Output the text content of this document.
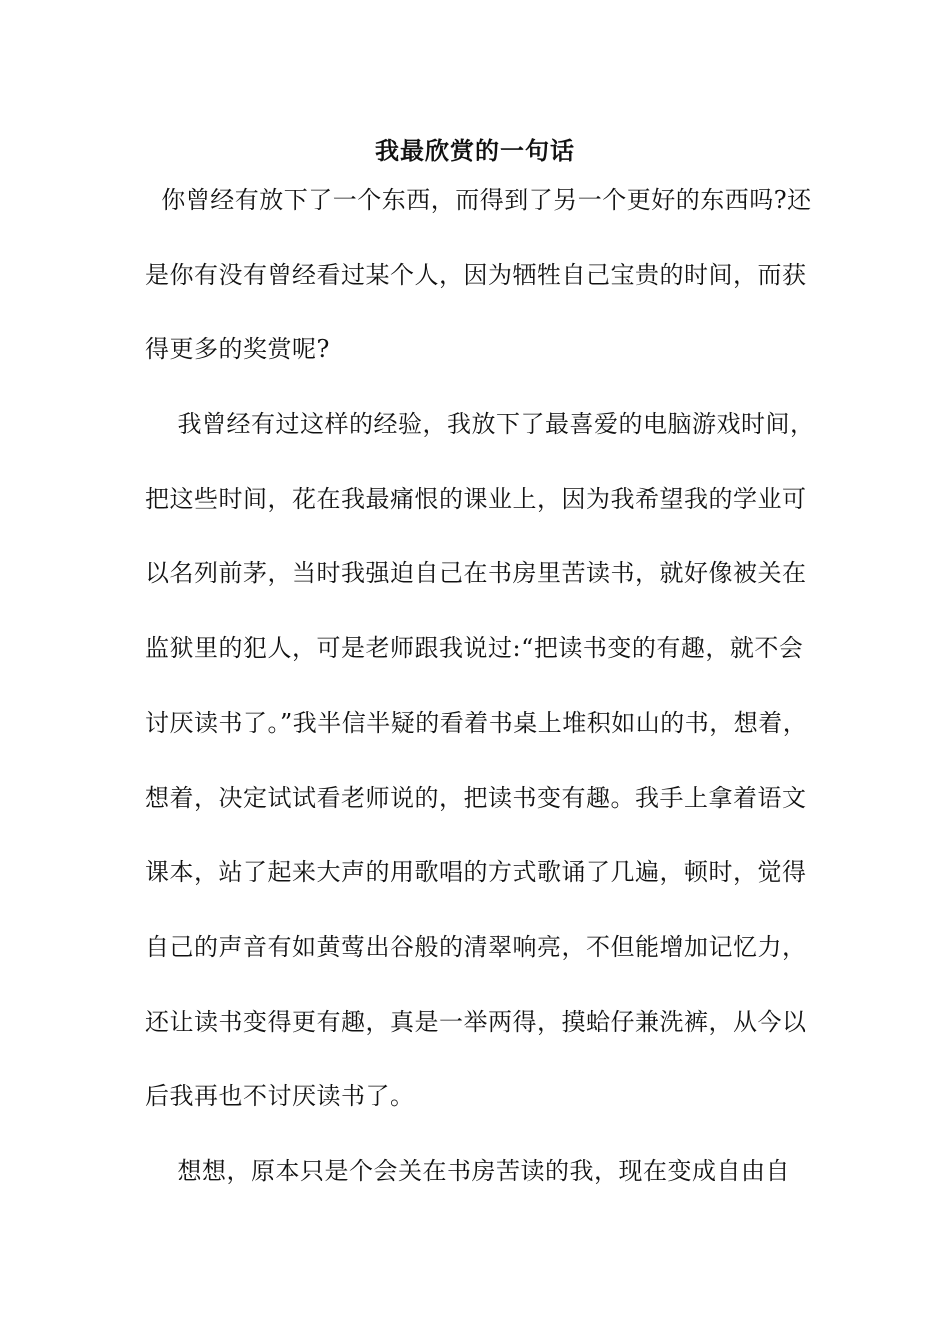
我最欣赏的一句话
你曾经有放下了一个东西，而得到了另一个更好的东西吗?还
是你有没有曾经看过某个人，因为牺牲自己宝贵的时间，而获
得更多的奖赏呢?
我曾经有过这样的经验，我放下了最喜爱的电脑游戏时间，
把这些时间，花在我最痛恨的课业上，因为我希望我的学业可
以名列前茅，当时我强迫自己在书房里苦读书，就好像被关在
监狱里的犯人，可是老师跟我说过:“把读书变的有趣，就不会
讨厌读书了。”我半信半疑的看着书桌上堆积如山的书，想着，
想着，决定试试看老师说的，把读书变有趣。我手上拿着语文
课本，站了起来大声的用歌唱的方式歌诵了几遍，顿时，觉得
自己的声音有如黄莺出谷般的清翠响亮，不但能增加记忆力，
还让读书变得更有趣，真是一举两得，摸蛤仔兼洗裤，从今以
后我再也不讨厌读书了。
想想，原本只是个会关在书房苦读的我，现在变成自由自
